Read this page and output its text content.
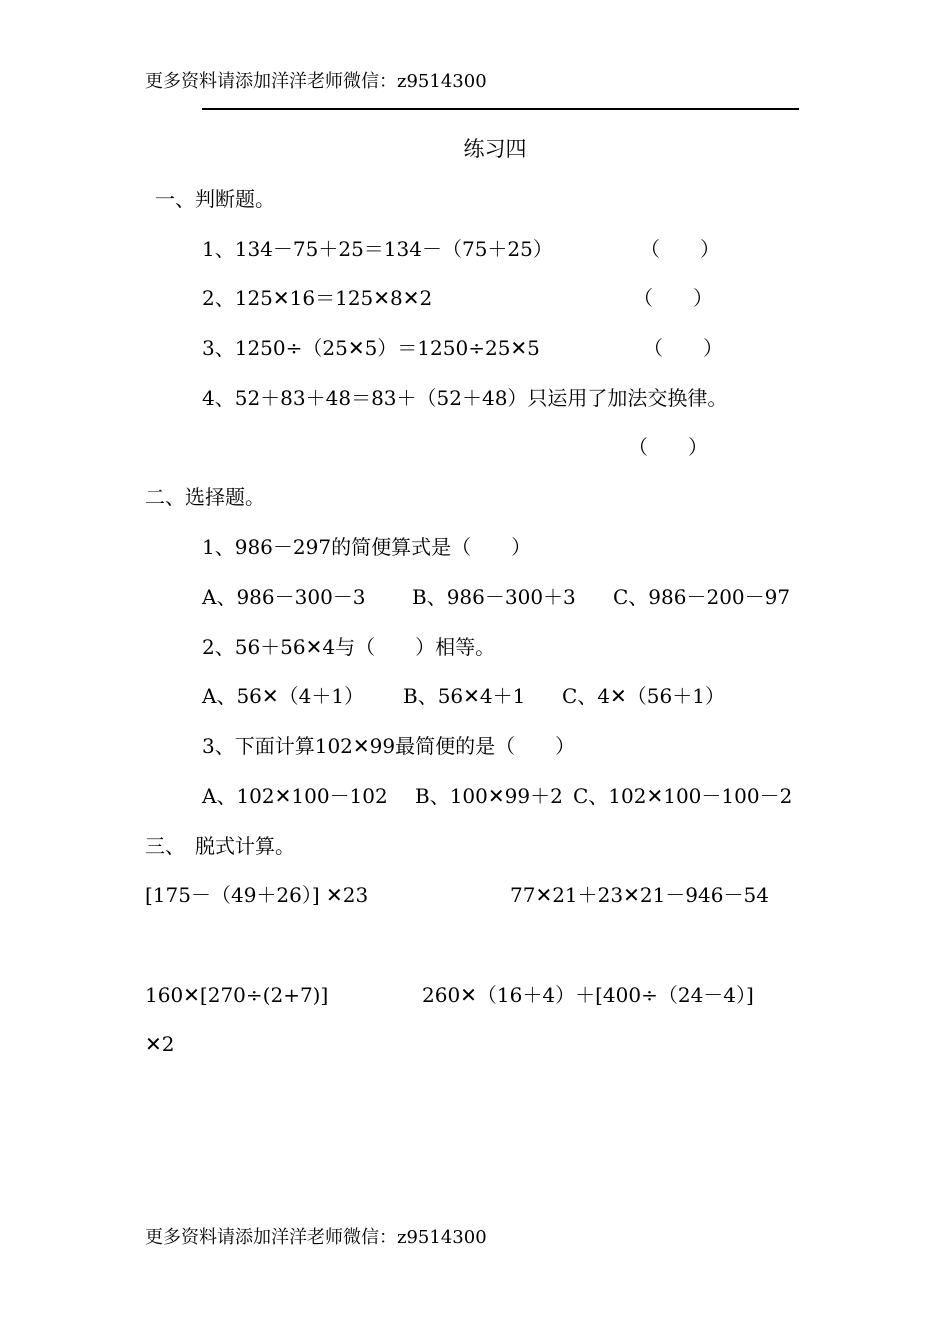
更多资料请添加洋洋老师微信：z9514300
练习四
一、判断题。
1、134－75＋25＝134－（75＋25）	（　　）
2、125✕16＝125✕8✕2	（　　）
3、1250÷（25✕5）＝1250÷25✕5	（　　）
4、52＋83＋48＝83＋（52＋48）只运用了加法交换律。
（　　）
二、选择题。
1、986－297的简便算式是（　　）
A、986－300－3 B、986－300＋3 C、986－200－97
2、56＋56✕4与（　　）相等。
A、56✕（4＋1） B、56✕4＋1 C、4✕（56＋1）
3、下面计算102✕99最简便的是（　　）
A、102✕100－102 B、100✕99＋2 C、102✕100－100－2
三、　脱式计算。
[175－（49＋26）] ✕23	77✕21＋23✕21－946－54
160✕[270÷(2+7)]	260✕（16＋4）＋[400÷（24－4）]
✕2
更多资料请添加洋洋老师微信：z9514300
